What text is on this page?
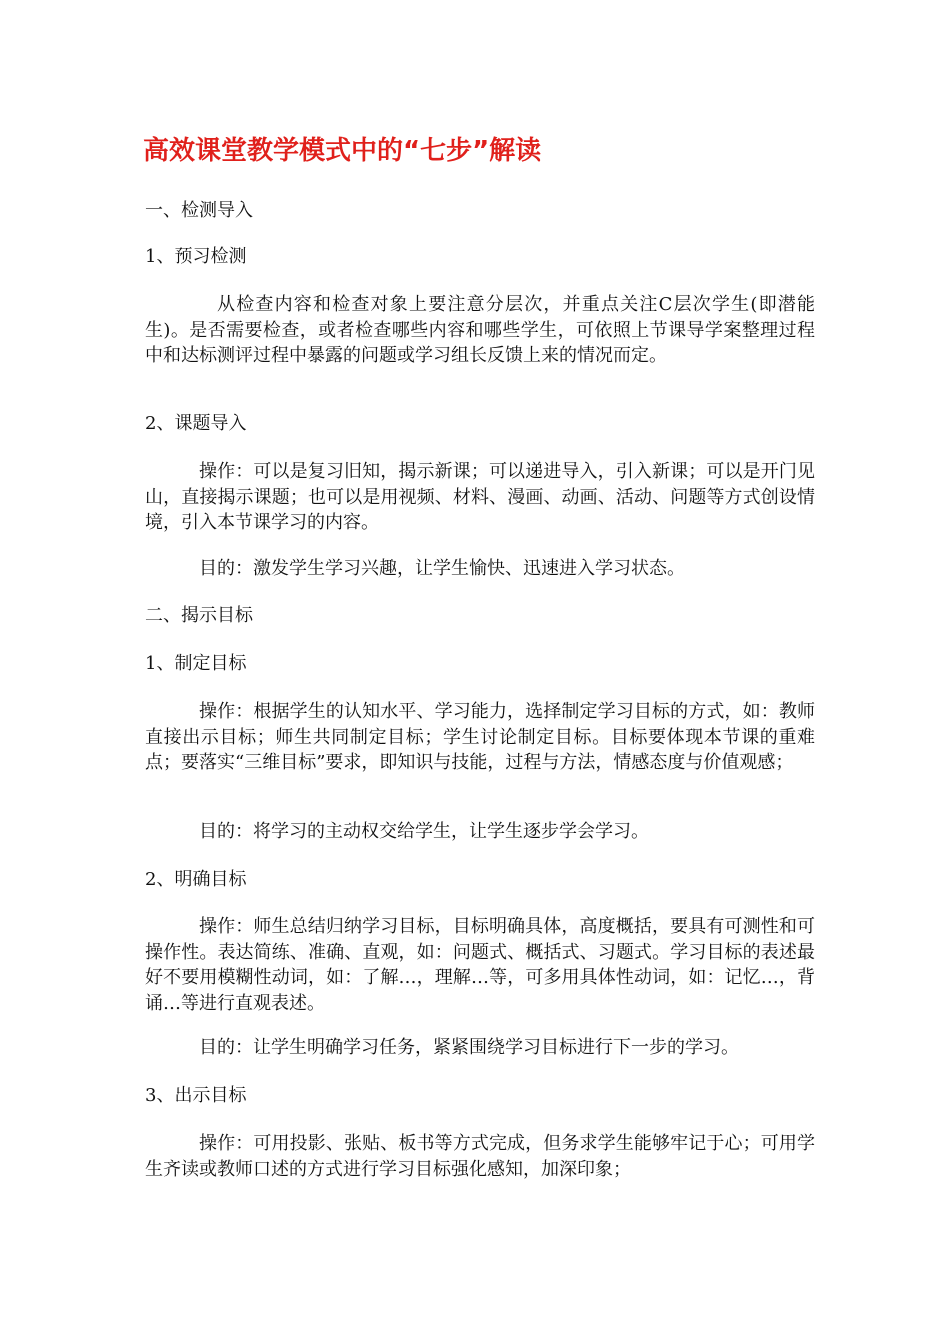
高效课堂教学模式中的“七步”解读
一、检测导入
1、预习检测

从检查内容和检查对象上要注意分层次，并重点关注C层次学生(即潜能生)。是否需要检查，或者检查哪些内容和哪些学生，可依照上节课导学案整理过程中和达标测评过程中暴露的问题或学习组长反馈上来的情况而定。

2、课题导入

操作：可以是复习旧知，揭示新课；可以递进导入，引入新课；可以是开门见山，直接揭示课题；也可以是用视频、材料、漫画、动画、活动、问题等方式创设情境，引入本节课学习的内容。

目的：激发学生学习兴趣，让学生愉快、迅速进入学习状态。

二、揭示目标
1、制定目标

操作：根据学生的认知水平、学习能力，选择制定学习目标的方式，如：教师直接出示目标；师生共同制定目标；学生讨论制定目标。目标要体现本节课的重难点；要落实“三维目标”要求，即知识与技能，过程与方法，情感态度与价值观感；

目的：将学习的主动权交给学生，让学生逐步学会学习。

2、明确目标

操作：师生总结归纳学习目标，目标明确具体，高度概括，要具有可测性和可操作性。表达简练、准确、直观，如：问题式、概括式、习题式。学习目标的表述最好不要用模糊性动词，如：了解…，理解…等，可多用具体性动词，如：记忆…，背诵…等进行直观表述。

目的：让学生明确学习任务，紧紧围绕学习目标进行下一步的学习。

3、出示目标

操作：可用投影、张贴、板书等方式完成，但务求学生能够牢记于心；可用学生齐读或教师口述的方式进行学习目标强化感知，加深印象；
